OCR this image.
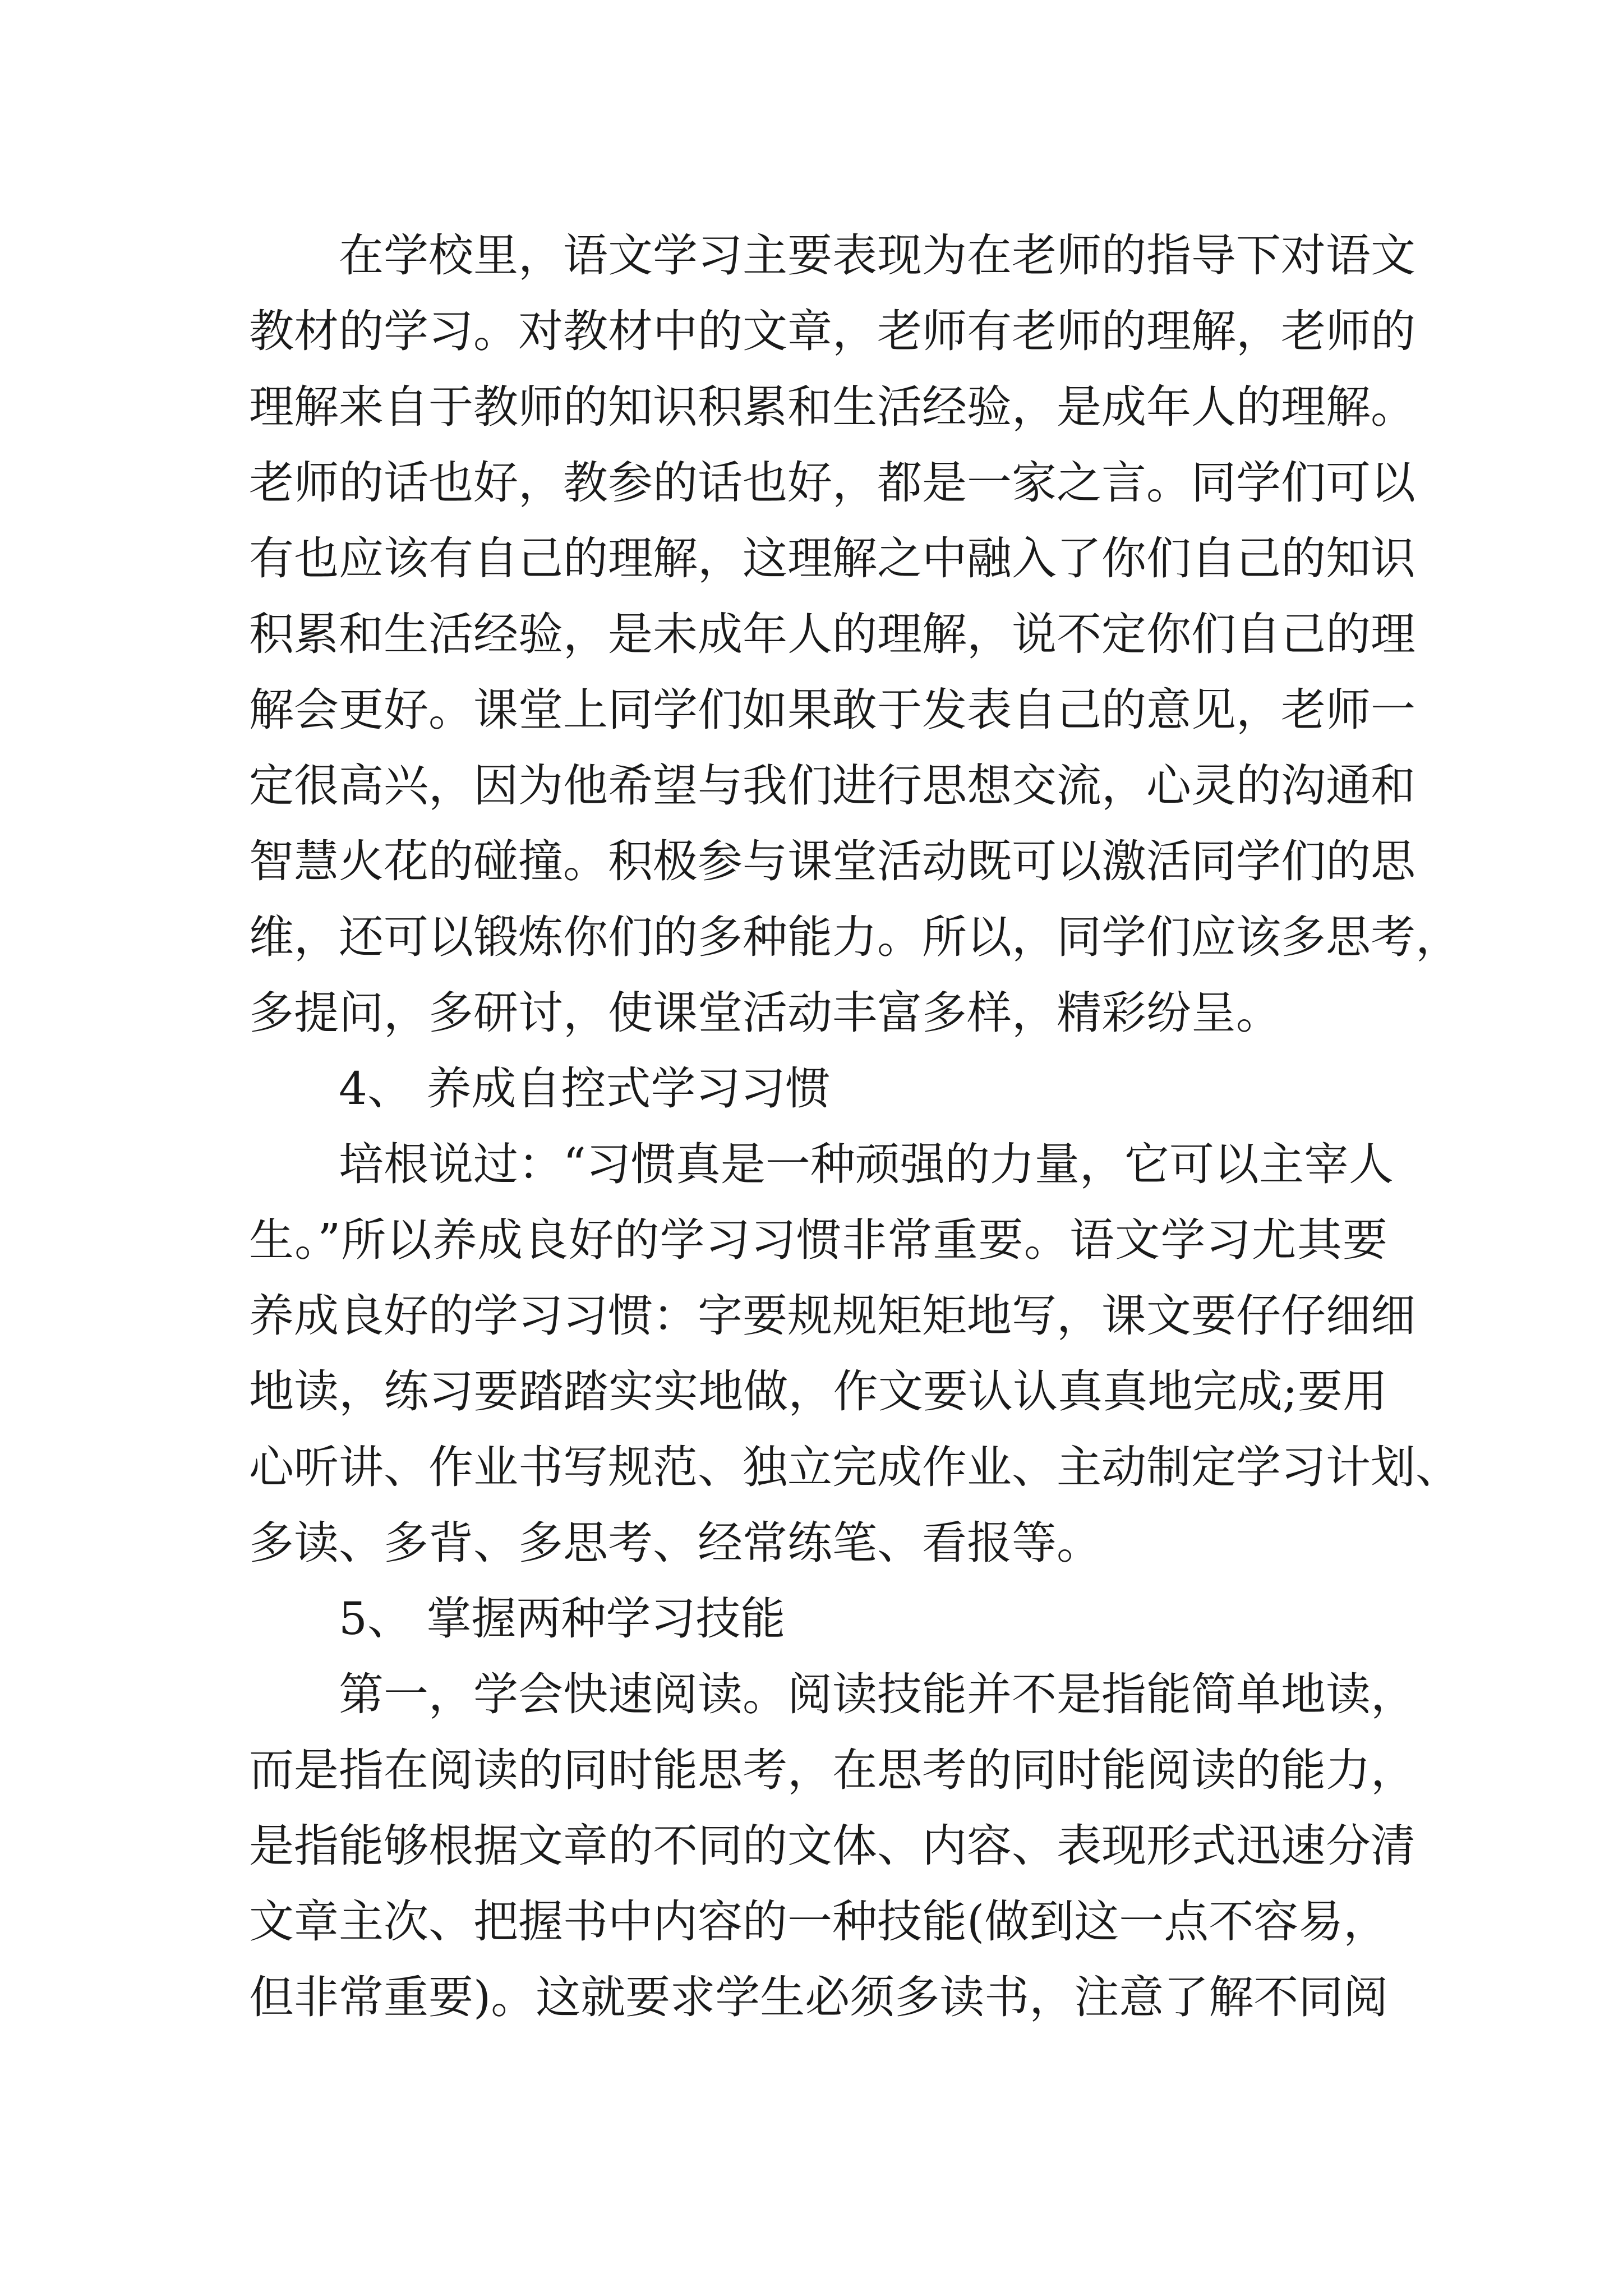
在学校里，语文学习主要表现为在老师的指导下对语文
教材的学习。对教材中的文章，老师有老师的理解，老师的
理解来自于教师的知识积累和生活经验，是成年人的理解。
老师的话也好，教参的话也好，都是一家之言。同学们可以
有也应该有自己的理解，这理解之中融入了你们自己的知识
积累和生活经验，是未成年人的理解，说不定你们自己的理
解会更好。课堂上同学们如果敢于发表自己的意见，老师一
定很高兴，因为他希望与我们进行思想交流，心灵的沟通和
智慧火花的碰撞。积极参与课堂活动既可以激活同学们的思
维，还可以锻炼你们的多种能力。所以，同学们应该多思考，
多提问，多研讨，使课堂活动丰富多样，精彩纷呈。
4、 养成自控式学习习惯
培根说过：“习惯真是一种顽强的力量，它可以主宰人
生。”所以养成良好的学习习惯非常重要。语文学习尤其要
养成良好的学习习惯：字要规规矩矩地写，课文要仔仔细细
地读，练习要踏踏实实地做，作文要认认真真地完成;要用
心听讲、作业书写规范、独立完成作业、主动制定学习计划、
多读、多背、多思考、经常练笔、看报等。
5、 掌握两种学习技能
第一，学会快速阅读。阅读技能并不是指能简单地读，
而是指在阅读的同时能思考，在思考的同时能阅读的能力，
是指能够根据文章的不同的文体、内容、表现形式迅速分清
文章主次、把握书中内容的一种技能(做到这一点不容易，
但非常重要)。这就要求学生必须多读书，注意了解不同阅
